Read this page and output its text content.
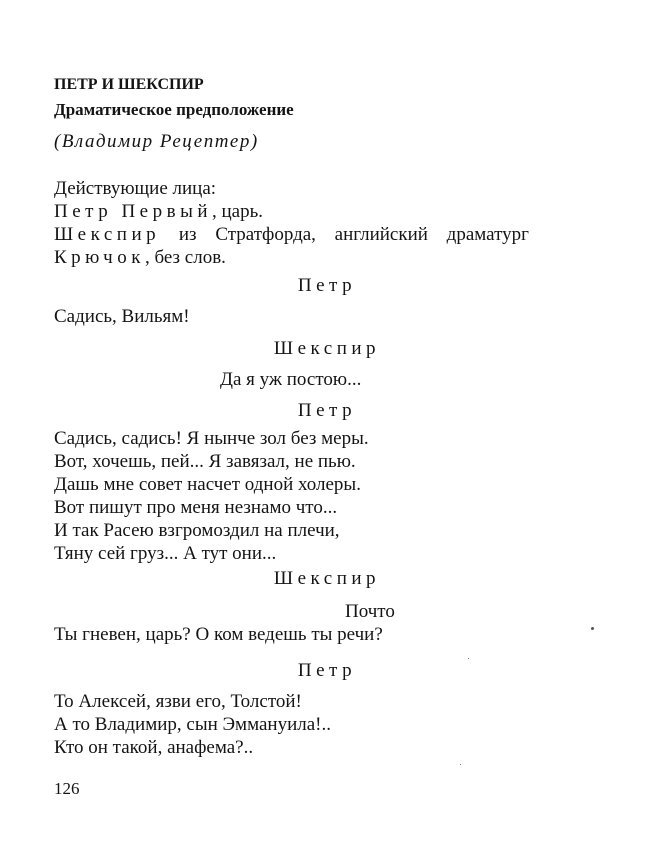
ПЕТР И ШЕКСПИР
Драматическое предположение
(Владимир Рецептер)
Действующие лица:
Петр Первый, царь.
Шекспир из Стратфорда, английский драматург
Крючок, без слов.
Петр
Садись, Вильям!
Шекспир
Да я уж постою...
Петр
Садись, садись! Я нынче зол без меры.
Вот, хочешь, пей... Я завязал, не пью.
Дашь мне совет насчет одной холеры.
Вот пишут про меня незнамо что...
И так Расею взгромоздил на плечи,
Тяну сей груз... А тут они...
Шекспир
Почто
Ты гневен, царь? О ком ведешь ты речи?
Петр
То Алексей, язви его, Толстой!
А то Владимир, сын Эммануила!..
Кто он такой, анафема?..
126
